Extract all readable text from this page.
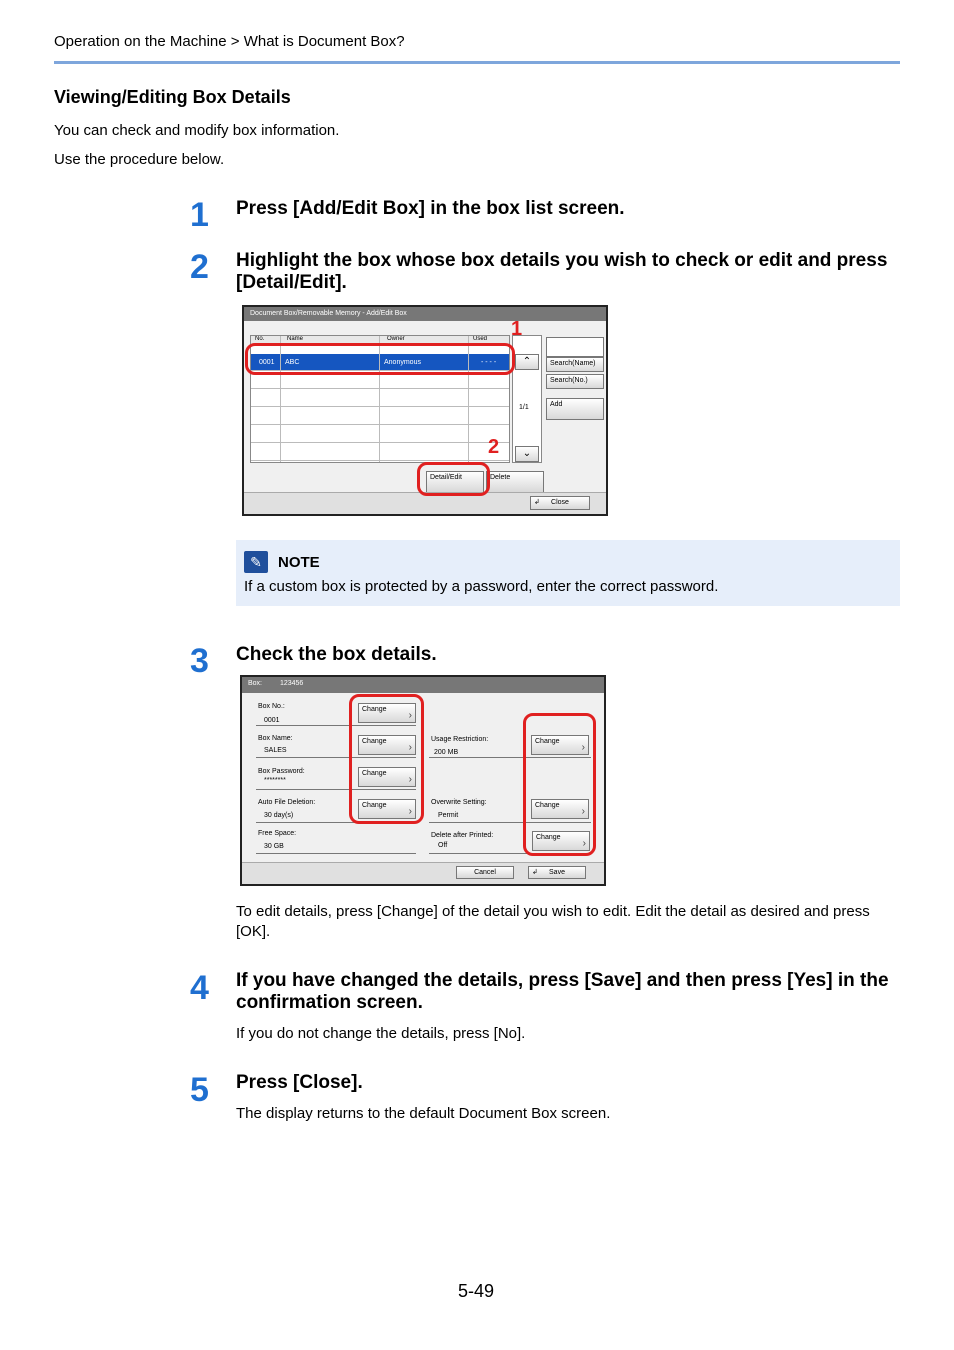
Operation on the Machine > What is Document Box?
Viewing/Editing Box Details
You can check and modify box information.
Use the procedure below.
1 Press [Add/Edit Box] in the box list screen.
2 Highlight the box whose box details you wish to check or edit and press [Detail/Edit].
Document Box/Removable Memory - Add/Edit Box
No.	Name	Owner	Used
0001 ABC	Anonymous	- - - -	⌃
1/1
⌄
Search(Name)
Search(No.)
Add
Detail/Edit	Delete
↲ Close
1
2
✎	NOTE
If a custom box is protected by a password, enter the correct password.
3 Check the box details.
Box:	123456
Box No.:
0001
Change
›
Box Name:
SALES
Change
›
Box Password:
********
Change
›
Auto File Deletion:
30 day(s)
Change
›
Free Space:
30 GB
Usage Restriction:
200 MB
Change
›
Overwrite Setting:
Permit
Change
›
Delete after Printed:
Off
Change
›
Cancel	↲ Save
To edit details, press [Change] of the detail you wish to edit. Edit the detail as desired and press [OK].
4 If you have changed the details, press [Save] and then press [Yes] in the confirmation screen.
If you do not change the details, press [No].
5 Press [Close].
The display returns to the default Document Box screen.
5-49
